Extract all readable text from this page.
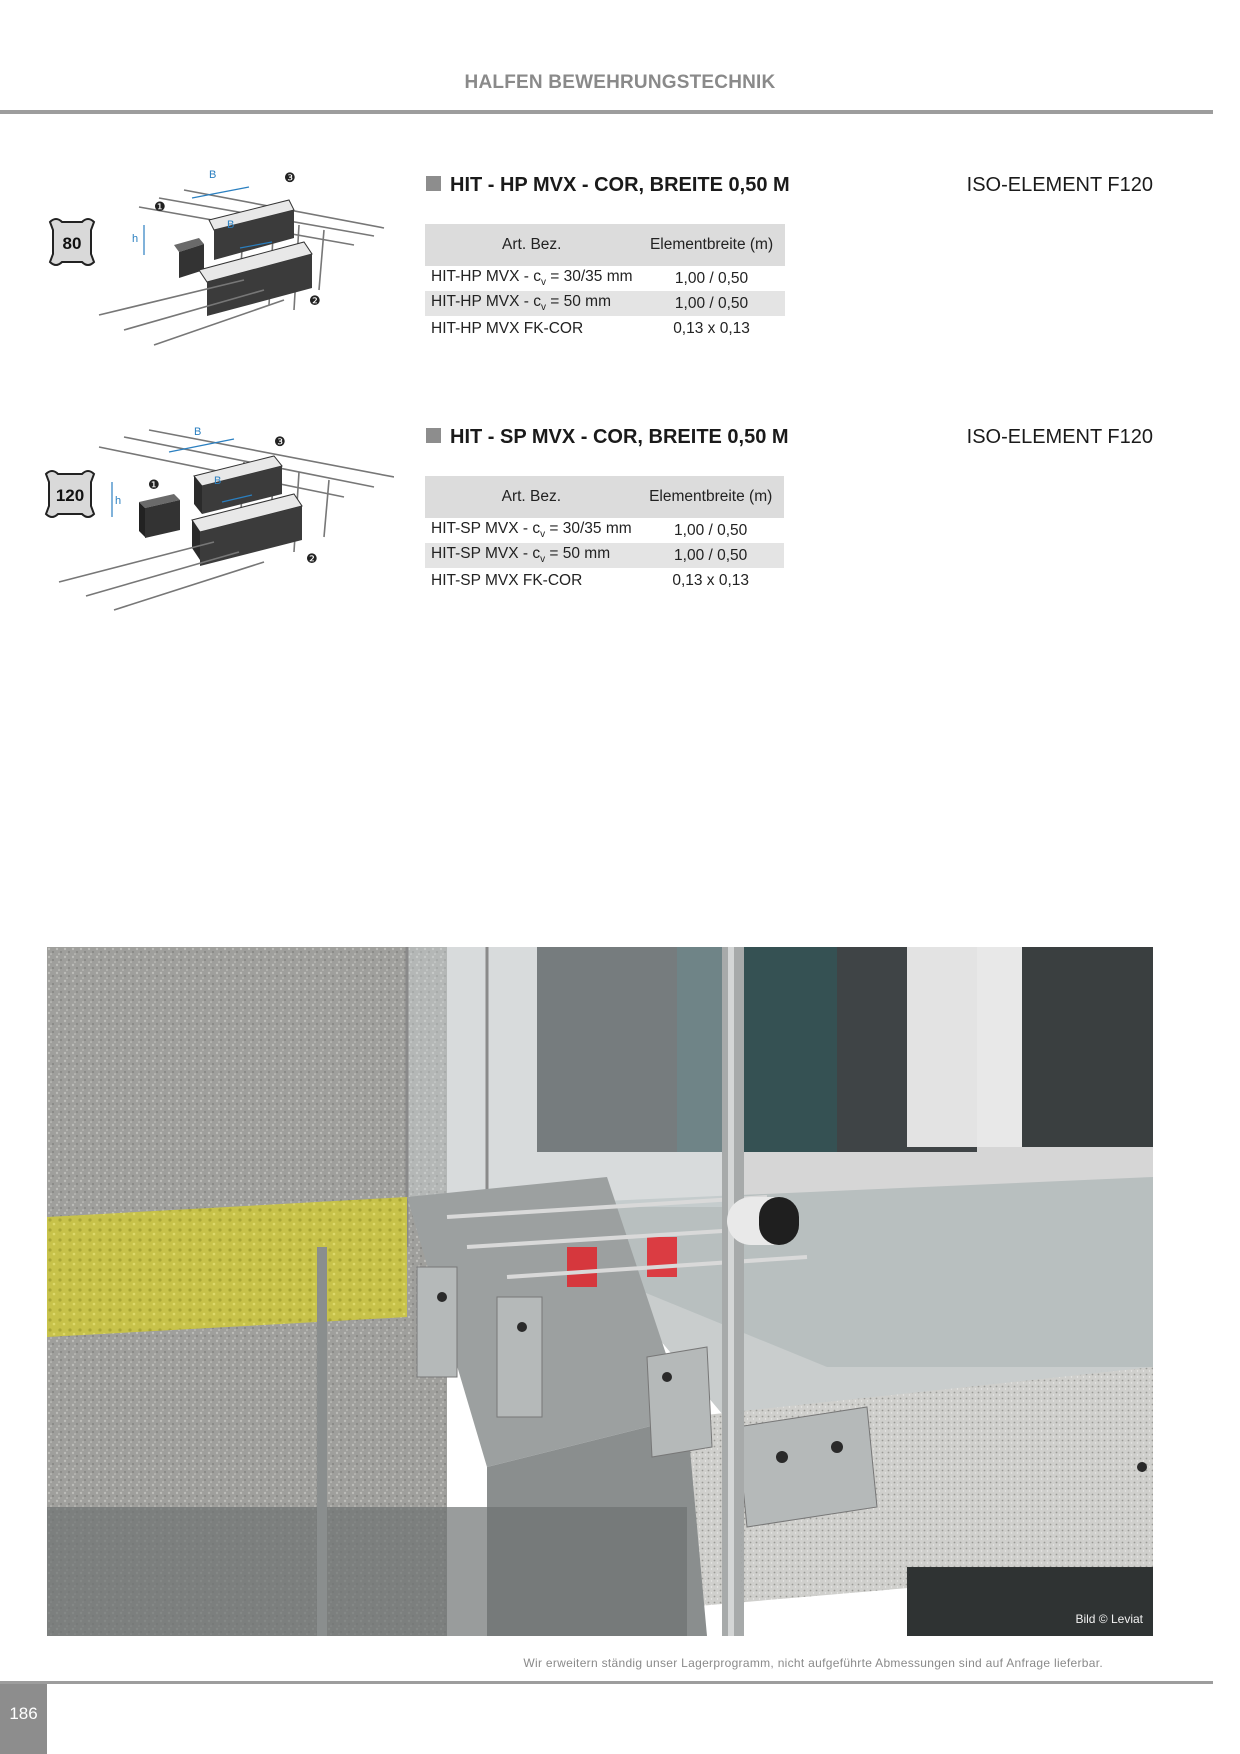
HALFEN BEWEHRUNGSTECHNIK
80
B
B
h
❶
❷
❸	HIT - HP MVX - COR, BREITE 0,50 M	ISO-ELEMENT F120
Art. Bez.	Elementbreite (m)
HIT-HP MVX - $c_v = 30/35$ mm	1,00 / 0,50
HIT-HP MVX - $c_v = 50$ mm	1,00 / 0,50
HIT-HP MVX FK-COR	0,13 x 0,13
120
B
B
h
❶
❷
❸	HIT - SP MVX - COR, BREITE 0,50 M	ISO-ELEMENT F120
Art. Bez.	Elementbreite (m)
HIT-SP MVX - $c_v = 30/35$ mm	1,00 / 0,50
HIT-SP MVX - $c_v = 50$ mm	1,00 / 0,50
HIT-SP MVX FK-COR	0,13 x 0,13
Bild © Leviat
Wir erweitern ständig unser Lagerprogramm, nicht aufgeführte Abmessungen sind auf Anfrage lieferbar.
186
